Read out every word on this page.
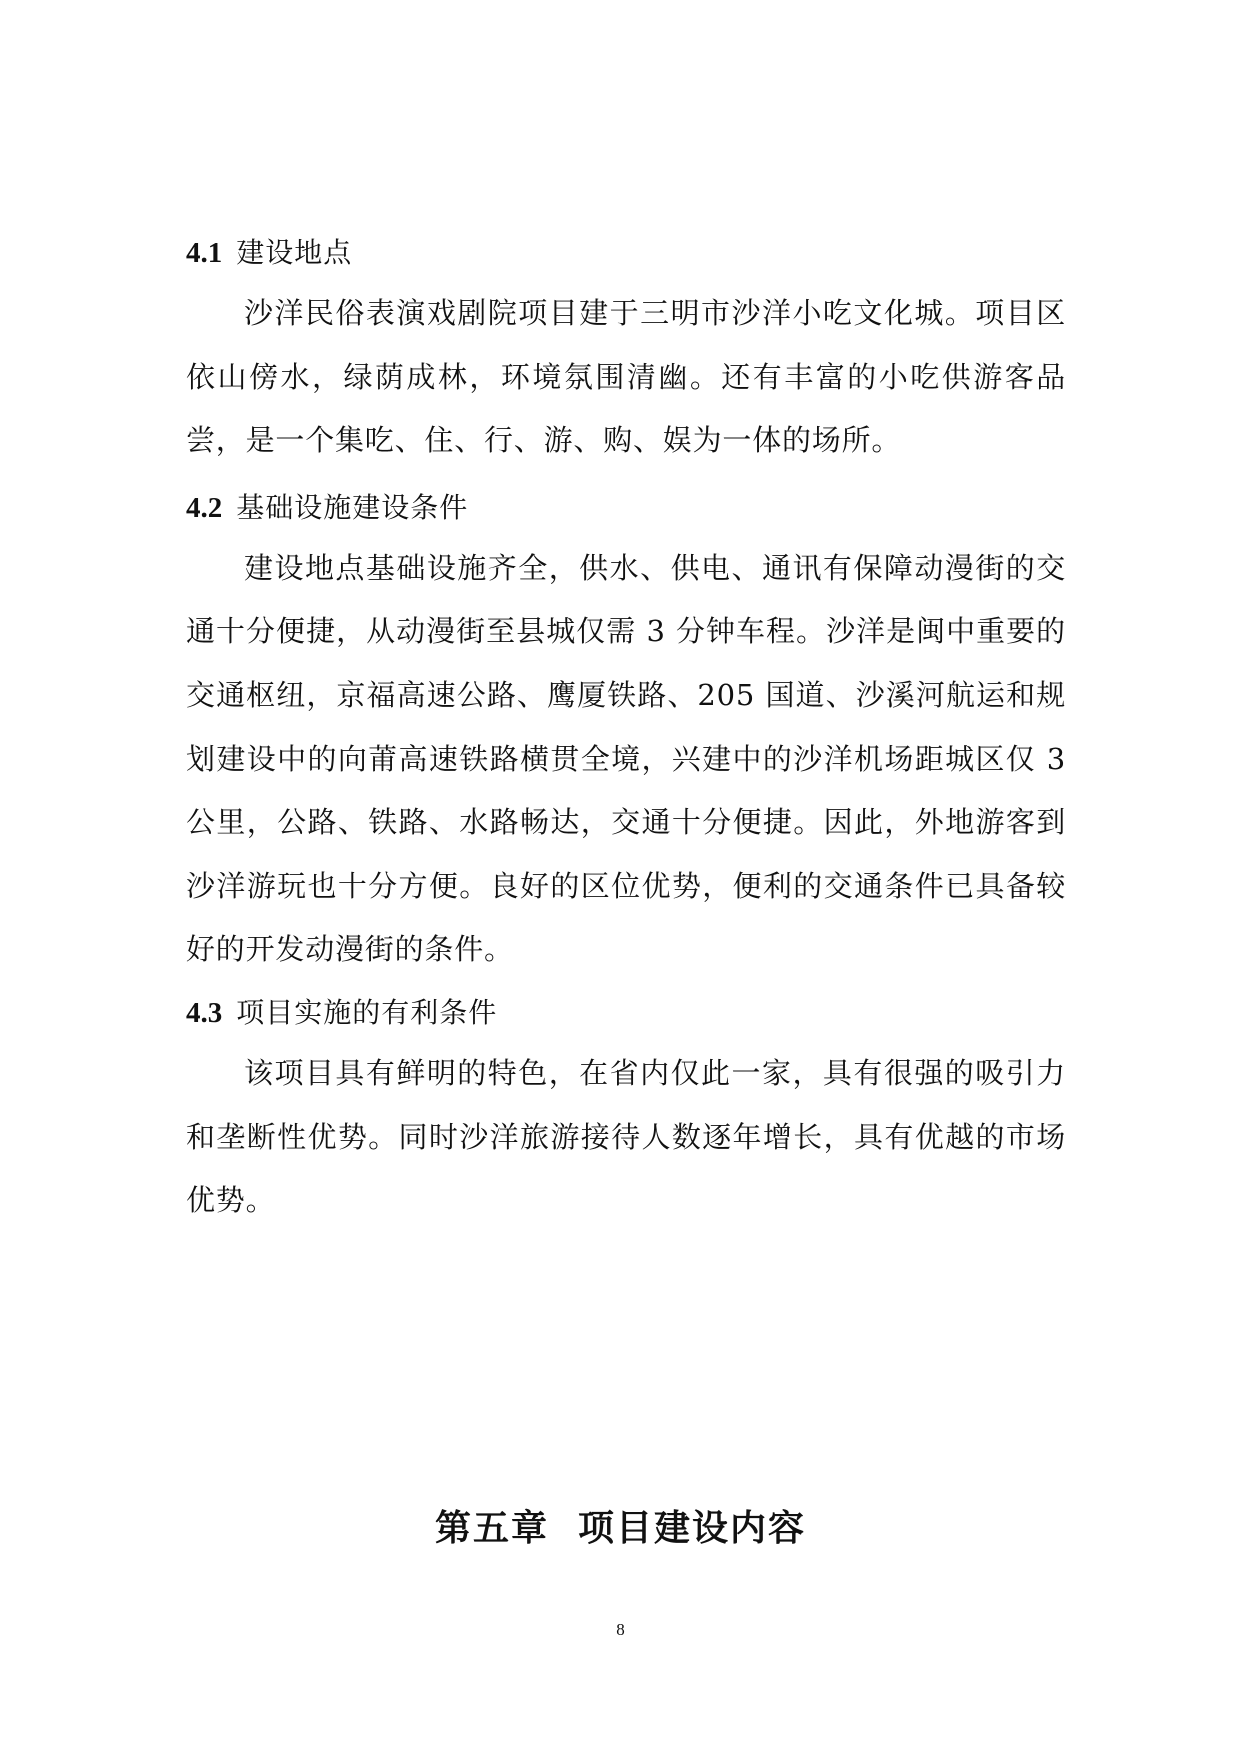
4.1 建设地点

沙洋民俗表演戏剧院项目建于三明市沙洋小吃文化城。项目区依山傍水，绿荫成林，环境氛围清幽。还有丰富的小吃供游客品尝，是一个集吃、住、行、游、购、娱为一体的场所。

4.2 基础设施建设条件

建设地点基础设施齐全，供水、供电、通讯有保障动漫街的交通十分便捷，从动漫街至县城仅需 3 分钟车程。沙洋是闽中重要的交通枢纽，京福高速公路、鹰厦铁路、205 国道、沙溪河航运和规划建设中的向莆高速铁路横贯全境，兴建中的沙洋机场距城区仅 3 公里，公路、铁路、水路畅达，交通十分便捷。因此，外地游客到沙洋游玩也十分方便。良好的区位优势，便利的交通条件已具备较好的开发动漫街的条件。

4.3 项目实施的有利条件

该项目具有鲜明的特色，在省内仅此一家，具有很强的吸引力和垄断性优势。同时沙洋旅游接待人数逐年增长，具有优越的市场优势。

第五章  项目建设内容
8
